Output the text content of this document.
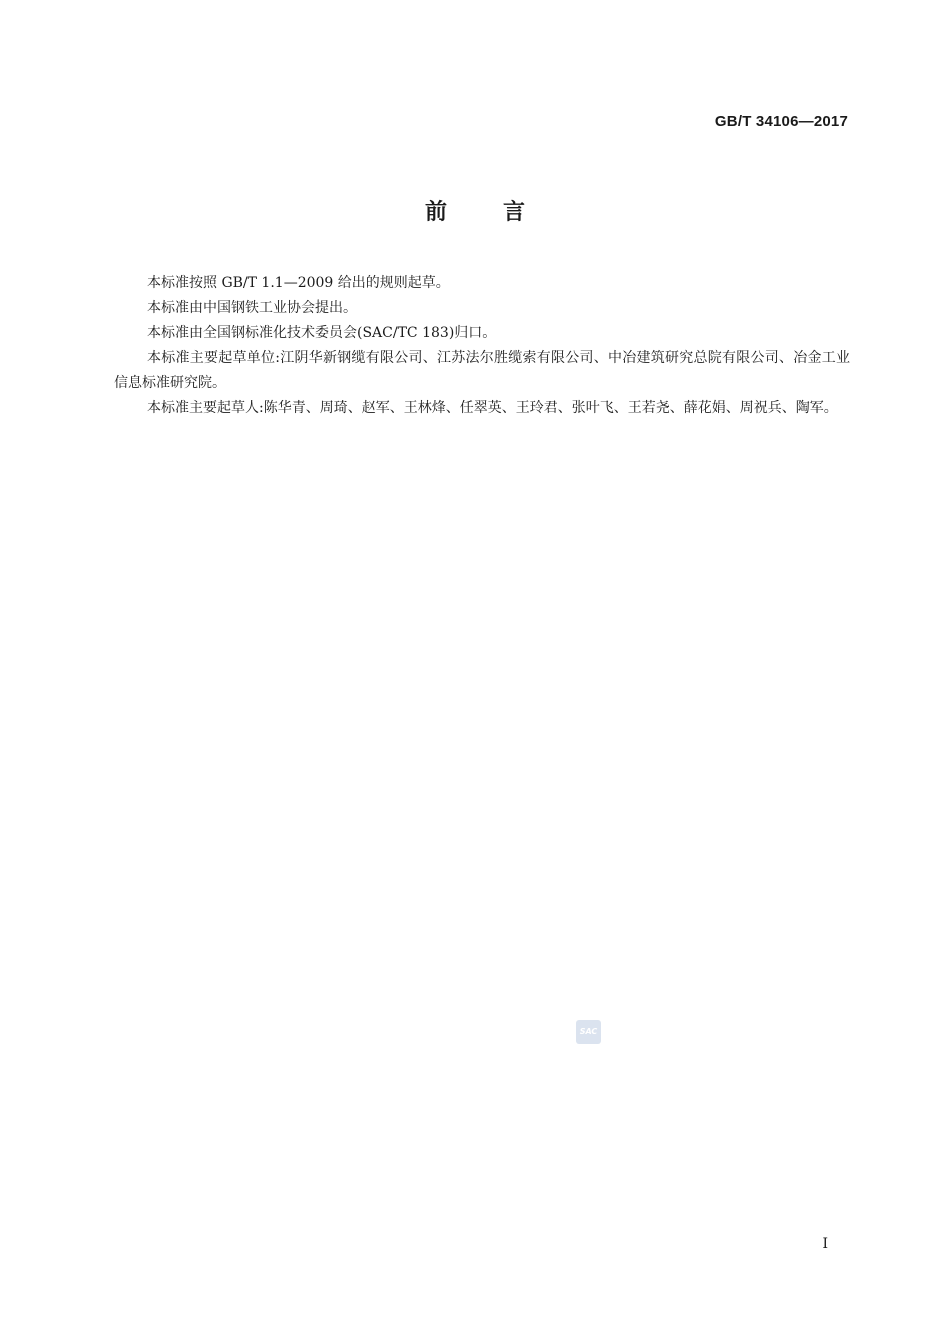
GB/T 34106—2017
前	言

本标准按照 GB/T 1.1—2009 给出的规则起草。

本标准由中国钢铁工业协会提出。

本标准由全国钢标准化技术委员会(SAC/TC 183)归口。

本标准主要起草单位:江阴华新钢缆有限公司、江苏法尔胜缆索有限公司、中冶建筑研究总院有限公司、冶金工业信息标准研究院。

本标准主要起草人:陈华青、周琦、赵军、王林烽、任翠英、王玲君、张叶飞、王若尧、薛花娟、周祝兵、陶军。

SAC
I
